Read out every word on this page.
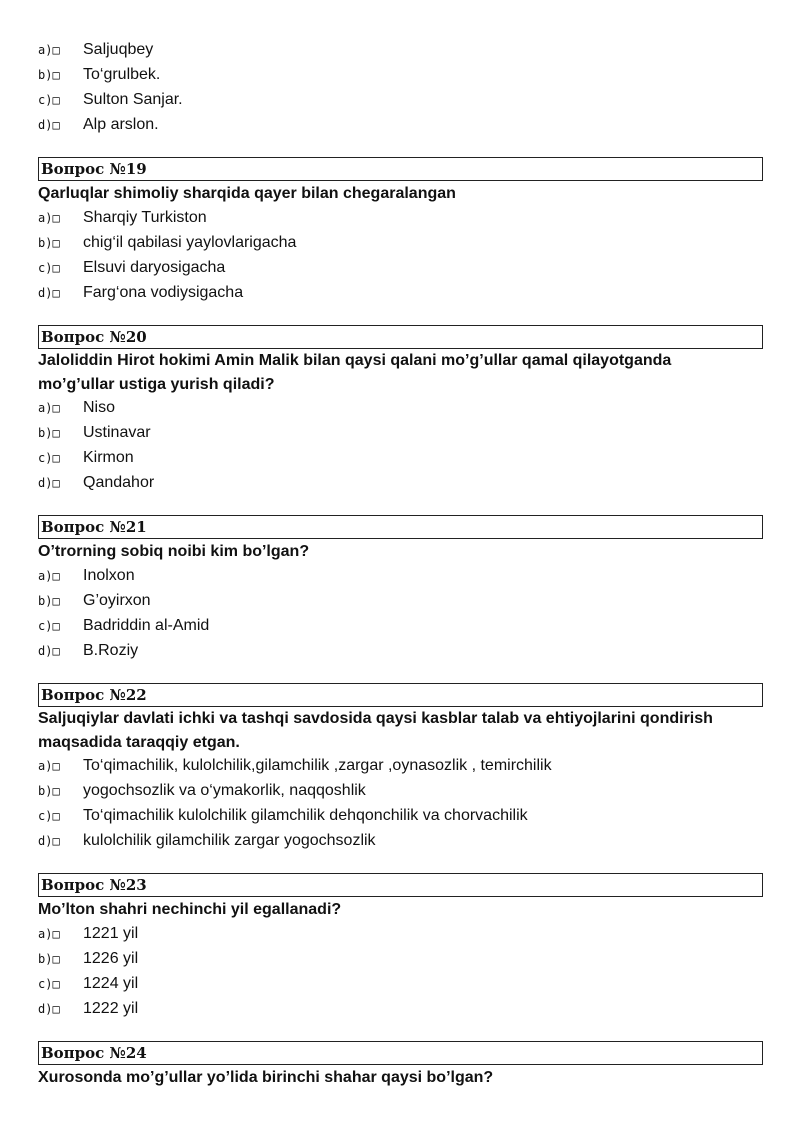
a)□	Saljuqbey
b)□	To‘grulbek.
c)□	Sulton Sanjar.
d)□	Alp arslon.
Вопрос №19
Qarluqlar shimoliy sharqida qayer bilan chegaralangan
a)□	Sharqiy Turkiston
b)□	chig‘il qabilasi yaylovlarigacha
c)□	Elsuvi daryosigacha
d)□	Farg‘ona vodiysigacha
Вопрос №20
Jaloliddin Hirot hokimi Amin Malik bilan qaysi qalani mo’g’ullar qamal qilayotganda mo’g’ullar ustiga yurish qiladi?
a)□	Niso
b)□	Ustinavar
c)□	Kirmon
d)□	Qandahor
Вопрос №21
O’trorning sobiq noibi kim bo’lgan?
a)□	Inolxon
b)□	G’oyirxon
c)□	Badriddin al-Amid
d)□	B.Roziy
Вопрос №22
Saljuqiylar davlati ichki va tashqi savdosida qaysi kasblar talab va ehtiyojlarini qondirish maqsadida taraqqiy etgan.
a)□	To‘qimachilik, kulolchilik,gilamchilik ,zargar ,oynasozlik , temirchilik
b)□	yogochsozlik va o‘ymakorlik, naqqoshlik
c)□	To‘qimachilik kulolchilik gilamchilik dehqonchilik va chorvachilik
d)□	kulolchilik gilamchilik zargar yogochsozlik
Вопрос №23
Mo’lton shahri nechinchi yil egallanadi?
a)□	1221 yil
b)□	1226 yil
c)□	1224 yil
d)□	1222 yil
Вопрос №24
Xurosonda mo’g’ullar yo’lida birinchi shahar qaysi bo’lgan?
